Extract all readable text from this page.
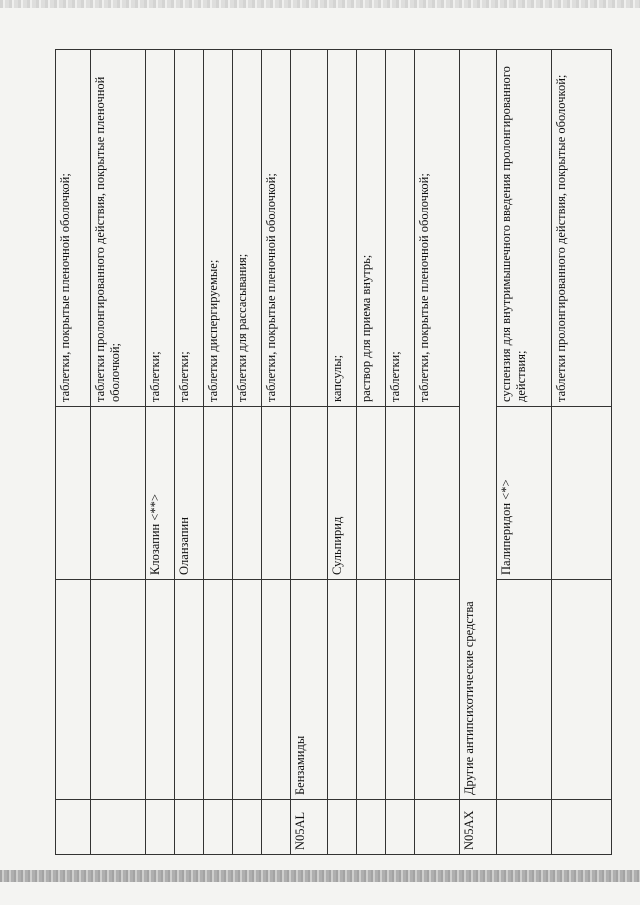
			таблетки, покрытые пленочной оболочкой;
			таблетки пролонгированного действия, покрытые пленочной оболочкой;
		Клозапин <**>	таблетки;
		Оланзапин	таблетки;
			таблетки диспергируемые;
			таблетки для рассасывания;
			таблетки, покрытые пленочной оболочкой;
N05AL	Бензамиды		
		Сульпирид	капсулы;
			раствор для приема внутрь;
			таблетки;
			таблетки, покрытые пленочной оболочкой;
N05AX	Другие антипсихотические средства		
		Палиперидон <*>	суспензия для внутримышечного введения пролонгированного действия;
			таблетки пролонгированного действия, покрытые оболочкой;
